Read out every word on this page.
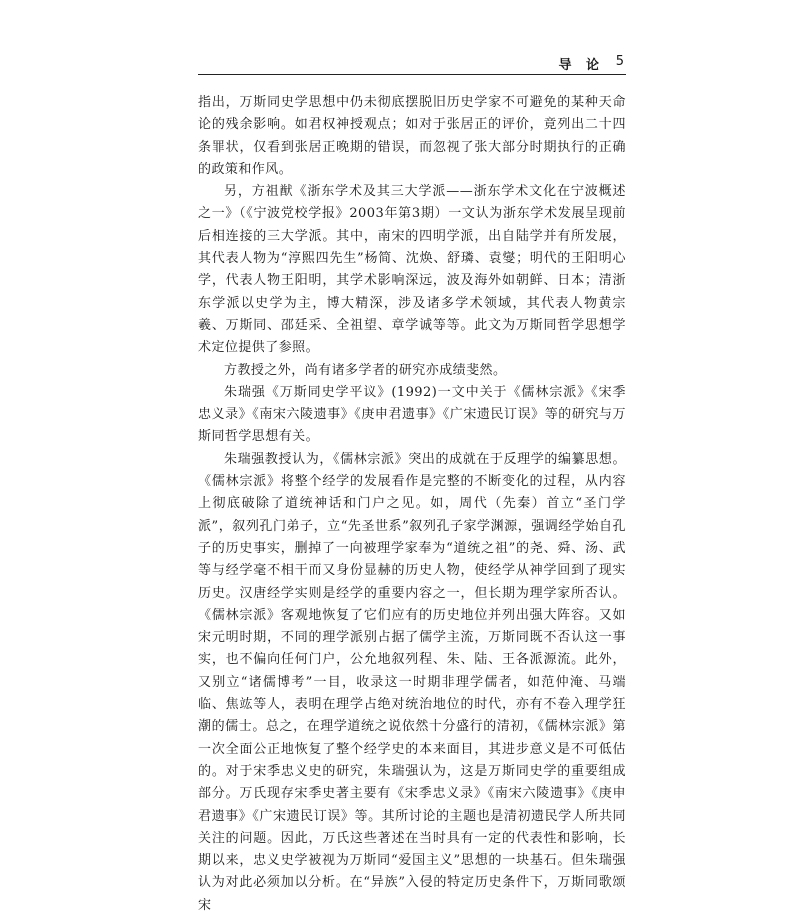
导 论 5

指出，万斯同史学思想中仍未彻底摆脱旧历史学家不可避免的某种天命论的残余影响。如君权神授观点；如对于张居正的评价，竟列出二十四条罪状，仅看到张居正晚期的错误，而忽视了张大部分时期执行的正确的政策和作风。

另，方祖猷《浙东学术及其三大学派——浙东学术文化在宁波概述之一》（《宁波党校学报》2003年第3期）一文认为浙东学术发展呈现前后相连接的三大学派。其中，南宋的四明学派，出自陆学并有所发展，其代表人物为“淳熙四先生”杨简、沈焕、舒璘、袁燮；明代的王阳明心学，代表人物王阳明，其学术影响深远，波及海外如朝鲜、日本；清浙东学派以史学为主，博大精深，涉及诸多学术领域，其代表人物黄宗羲、万斯同、邵廷采、全祖望、章学诚等等。此文为万斯同哲学思想学术定位提供了参照。

方教授之外，尚有诸多学者的研究亦成绩斐然。

朱瑞强《万斯同史学平议》(1992)一文中关于《儒林宗派》《宋季忠义录》《南宋六陵遗事》《庚申君遗事》《广宋遗民订误》等的研究与万斯同哲学思想有关。

朱瑞强教授认为，《儒林宗派》突出的成就在于反理学的编纂思想。《儒林宗派》将整个经学的发展看作是完整的不断变化的过程，从内容上彻底破除了道统神话和门户之见。如，周代（先秦）首立“圣门学派”，叙列孔门弟子，立“先圣世系”叙列孔子家学渊源，强调经学始自孔子的历史事实，删掉了一向被理学家奉为“道统之祖”的尧、舜、汤、武等与经学毫不相干而又身份显赫的历史人物，使经学从神学回到了现实历史。汉唐经学实则是经学的重要内容之一，但长期为理学家所否认。《儒林宗派》客观地恢复了它们应有的历史地位并列出强大阵容。又如宋元明时期，不同的理学派别占据了儒学主流，万斯同既不否认这一事实，也不偏向任何门户，公允地叙列程、朱、陆、王各派源流。此外，又别立“诸儒博考”一目，收录这一时期非理学儒者，如范仲淹、马端临、焦竑等人，表明在理学占绝对统治地位的时代，亦有不卷入理学狂潮的儒士。总之，在理学道统之说依然十分盛行的清初，《儒林宗派》第一次全面公正地恢复了整个经学史的本来面目，其进步意义是不可低估的。对于宋季忠义史的研究，朱瑞强认为，这是万斯同史学的重要组成部分。万氏现存宋季史著主要有《宋季忠义录》《南宋六陵遗事》《庚申君遗事》《广宋遗民订误》等。其所讨论的主题也是清初遗民学人所共同关注的问题。因此，万氏这些著述在当时具有一定的代表性和影响，长期以来，忠义史学被视为万斯同“爱国主义”思想的一块基石。但朱瑞强认为对此必须加以分析。在“异族”入侵的特定历史条件下，万斯同歌颂宋
